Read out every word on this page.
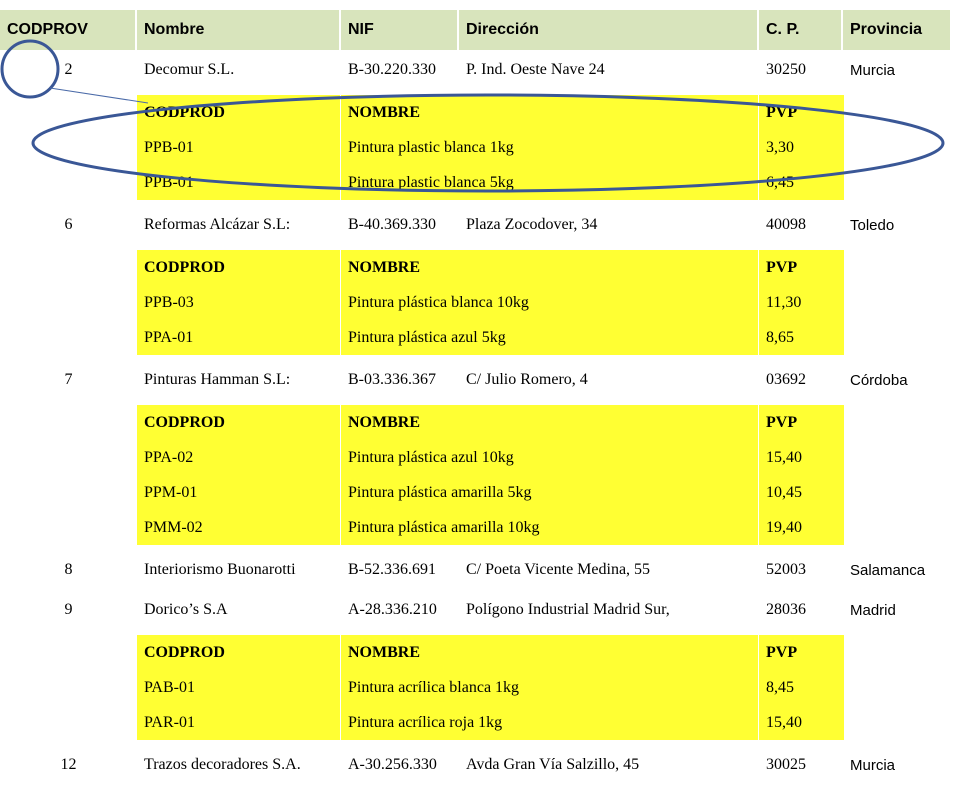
CODPROV	Nombre	NIF	Dirección	C. P.	Provincia
2	Decomur S.L.	B-30.220.330	P. Ind. Oeste Nave 24	30250	Murcia
CODPROD	NOMBRE	PVP
PPB-01	Pintura plastic blanca 1kg	3,30
PPB-01	Pintura plastic blanca 5kg	6,45
6	Reformas Alcázar S.L:	B-40.369.330	Plaza Zocodover, 34	40098	Toledo
CODPROD	NOMBRE	PVP
PPB-03	Pintura plástica blanca 10kg	11,30
PPA-01	Pintura plástica azul 5kg	8,65
7	Pinturas Hamman S.L:	B-03.336.367	C/ Julio Romero, 4	03692	Córdoba
CODPROD	NOMBRE	PVP
PPA-02	Pintura plástica azul 10kg	15,40
PPM-01	Pintura plástica amarilla 5kg	10,45
PMM-02	Pintura plástica amarilla 10kg	19,40
8	Interiorismo Buonarotti	B-52.336.691	C/ Poeta Vicente Medina, 55	52003	Salamanca
9	Dorico’s S.A	A-28.336.210	Polígono Industrial Madrid Sur,	28036	Madrid
CODPROD	NOMBRE	PVP
PAB-01	Pintura acrílica blanca 1kg	8,45
PAR-01	Pintura acrílica roja 1kg	15,40
12	Trazos decoradores S.A.	A-30.256.330	Avda Gran Vía Salzillo, 45	30025	Murcia
